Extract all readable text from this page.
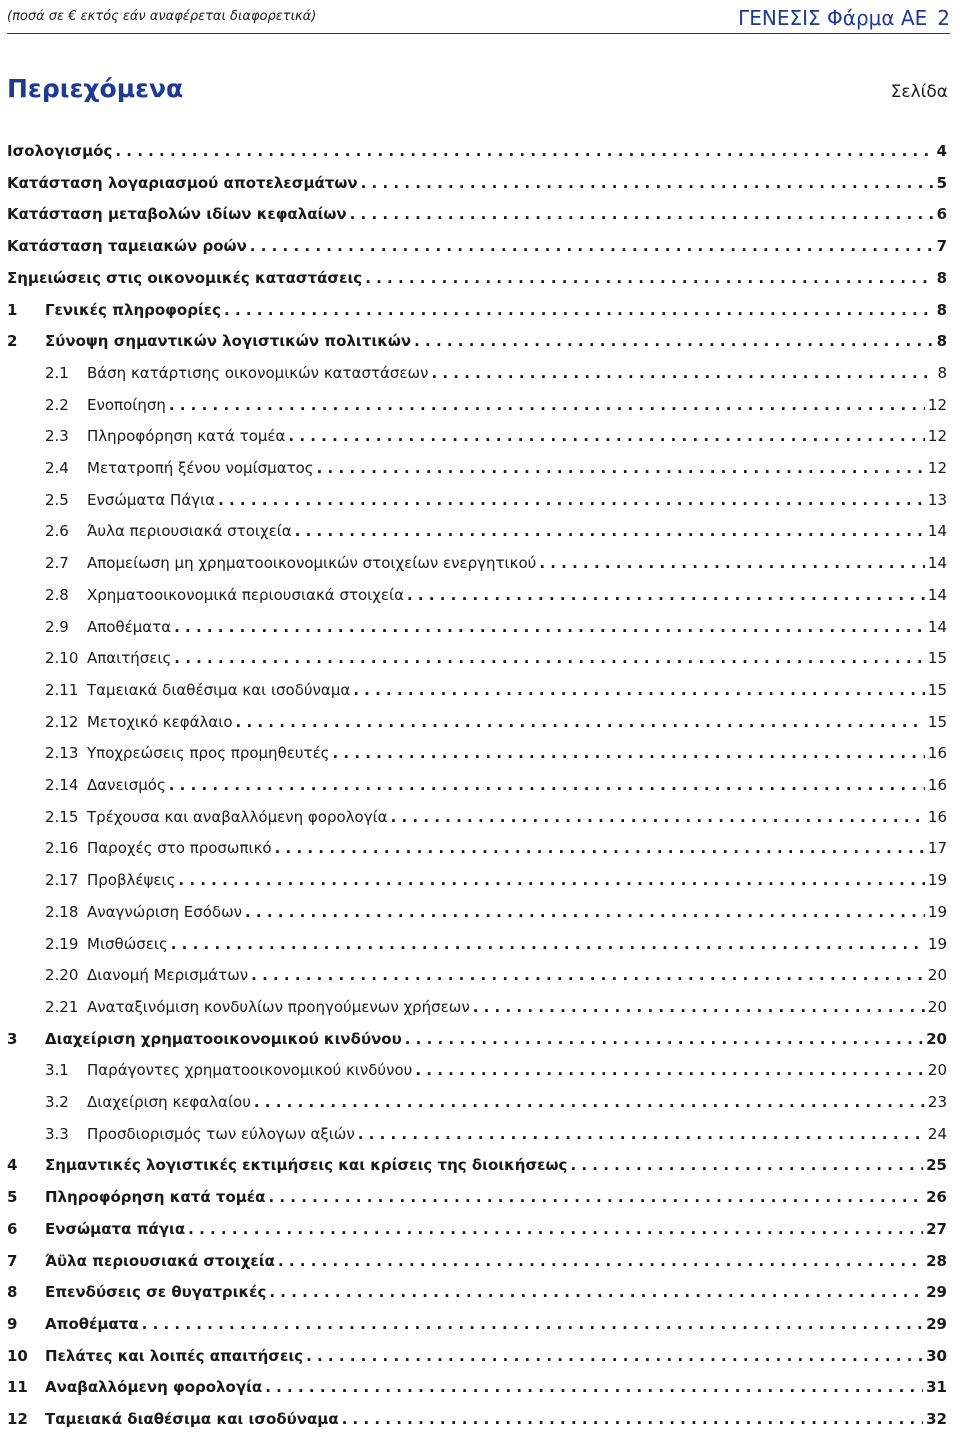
(ποσά σε € εκτός εάν αναφέρεται διαφορετικά)	ΓΕΝΕΣΙΣ Φάρμα ΑΕ 2
Περιεχόμενα	Σελίδα
Ισολογισμός . . .	4
Κατάσταση λογαριασμού αποτελεσμάτων . . .	5
Κατάσταση μεταβολών ιδίων κεφαλαίων . . .	6
Κατάσταση ταμειακών ροών . . .	7
Σημειώσεις στις οικονομικές καταστάσεις . . .	8
1	Γενικές πληροφορίες . . .	8
2	Σύνοψη σημαντικών λογιστικών πολιτικών . . .	8
2.1	Βάση κατάρτισης οικονομικών καταστάσεων . . .	8
2.2	Ενοποίηση . . .	12
2.3	Πληροφόρηση κατά τομέα . . .	12
2.4	Μετατροπή ξένου νομίσματος . . .	12
2.5	Ενσώματα Πάγια . . .	13
2.6	Άυλα περιουσιακά στοιχεία . . .	14
2.7	Απομείωση μη χρηματοοικονομικών στοιχείων ενεργητικού . . .	14
2.8	Χρηματοοικονομικά περιουσιακά στοιχεία . . .	14
2.9	Αποθέματα . . .	14
2.10 Απαιτήσεις . . .	15
2.11 Ταμειακά διαθέσιμα και ισοδύναμα . . .	15
2.12 Μετοχικό κεφάλαιο . . .	15
2.13 Υποχρεώσεις προς προμηθευτές . . .	16
2.14 Δανεισμός . . .	16
2.15 Τρέχουσα και αναβαλλόμενη φορολογία . . .	16
2.16 Παροχές στο προσωπικό . . .	17
2.17 Προβλέψεις . . .	19
2.18 Αναγνώριση Εσόδων . . .	19
2.19 Μισθώσεις . . .	19
2.20 Διανομή Μερισμάτων . . .	20
2.21 Αναταξινόμιση κονδυλίων προηγούμενων χρήσεων . . .	20
3	Διαχείριση χρηματοοικονομικού κινδύνου . . .	20
3.1	Παράγοντες χρηματοοικονομικού κινδύνου . . .	20
3.2	Διαχείριση κεφαλαίου . . .	23
3.3	Προσδιορισμός των εύλογων αξιών . . .	24
4	Σημαντικές λογιστικές εκτιμήσεις και κρίσεις της διοικήσεως . . .	25
5	Πληροφόρηση κατά τομέα . . .	26
6	Ενσώματα πάγια . . .	27
7	Άϋλα περιουσιακά στοιχεία . . .	28
8	Επενδύσεις σε θυγατρικές . . .	29
9	Αποθέματα . . .	29
10	Πελάτες και λοιπές απαιτήσεις . . .	30
11	Αναβαλλόμενη φορολογία . . .	31
12	Ταμειακά διαθέσιμα και ισοδύναμα . . .	32
